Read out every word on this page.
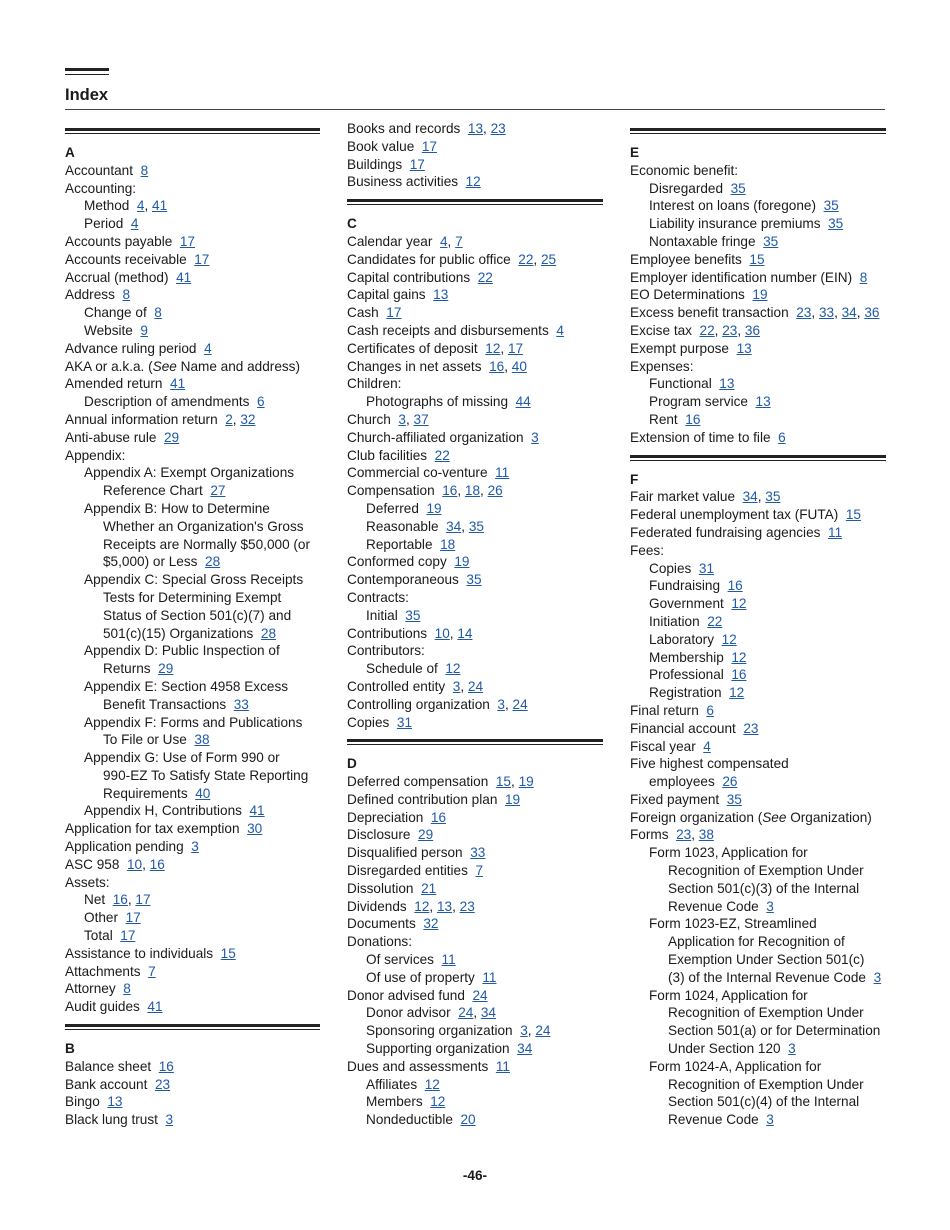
Index
A
Accountant 8
Accounting:
Method 4, 41
Period 4
Accounts payable 17
Accounts receivable 17
Accrual (method) 41
Address 8
Change of 8
Website 9
Advance ruling period 4
AKA or a.k.a. (See Name and address)
Amended return 41
Description of amendments 6
Annual information return 2, 32
Anti-abuse rule 29
Appendix:
Appendix A: Exempt Organizations
Reference Chart 27
Appendix B: How to Determine
Whether an Organization's Gross
Receipts are Normally $50,000 (or
$5,000) or Less 28
Appendix C: Special Gross Receipts
Tests for Determining Exempt
Status of Section 501(c)(7) and
501(c)(15) Organizations 28
Appendix D: Public Inspection of
Returns 29
Appendix E: Section 4958 Excess
Benefit Transactions 33
Appendix F: Forms and Publications
To File or Use 38
Appendix G: Use of Form 990 or
990-EZ To Satisfy State Reporting
Requirements 40
Appendix H, Contributions 41
Application for tax exemption 30
Application pending 3
ASC 958 10, 16
Assets:
Net 16, 17
Other 17
Total 17
Assistance to individuals 15
Attachments 7
Attorney 8
Audit guides 41
B
Balance sheet 16
Bank account 23
Bingo 13
Black lung trust 3
Books and records 13, 23
Book value 17
Buildings 17
Business activities 12
C
Calendar year 4, 7
Candidates for public office 22, 25
Capital contributions 22
Capital gains 13
Cash 17
Cash receipts and disbursements 4
Certificates of deposit 12, 17
Changes in net assets 16, 40
Children:
Photographs of missing 44
Church 3, 37
Church-affiliated organization 3
Club facilities 22
Commercial co-venture 11
Compensation 16, 18, 26
Deferred 19
Reasonable 34, 35
Reportable 18
Conformed copy 19
Contemporaneous 35
Contracts:
Initial 35
Contributions 10, 14
Contributors:
Schedule of 12
Controlled entity 3, 24
Controlling organization 3, 24
Copies 31
D
Deferred compensation 15, 19
Defined contribution plan 19
Depreciation 16
Disclosure 29
Disqualified person 33
Disregarded entities 7
Dissolution 21
Dividends 12, 13, 23
Documents 32
Donations:
Of services 11
Of use of property 11
Donor advised fund 24
Donor advisor 24, 34
Sponsoring organization 3, 24
Supporting organization 34
Dues and assessments 11
Affiliates 12
Members 12
Nondeductible 20
E
Economic benefit:
Disregarded 35
Interest on loans (foregone) 35
Liability insurance premiums 35
Nontaxable fringe 35
Employee benefits 15
Employer identification number (EIN) 8
EO Determinations 19
Excess benefit transaction 23, 33, 34, 36
Excise tax 22, 23, 36
Exempt purpose 13
Expenses:
Functional 13
Program service 13
Rent 16
Extension of time to file 6
F
Fair market value 34, 35
Federal unemployment tax (FUTA) 15
Federated fundraising agencies 11
Fees:
Copies 31
Fundraising 16
Government 12
Initiation 22
Laboratory 12
Membership 12
Professional 16
Registration 12
Final return 6
Financial account 23
Fiscal year 4
Five highest compensated
employees 26
Fixed payment 35
Foreign organization (See Organization)
Forms 23, 38
Form 1023, Application for
Recognition of Exemption Under
Section 501(c)(3) of the Internal
Revenue Code 3
Form 1023-EZ, Streamlined
Application for Recognition of
Exemption Under Section 501(c)
(3) of the Internal Revenue Code 3
Form 1024, Application for
Recognition of Exemption Under
Section 501(a) or for Determination
Under Section 120 3
Form 1024-A, Application for
Recognition of Exemption Under
Section 501(c)(4) of the Internal
Revenue Code 3
-46-
